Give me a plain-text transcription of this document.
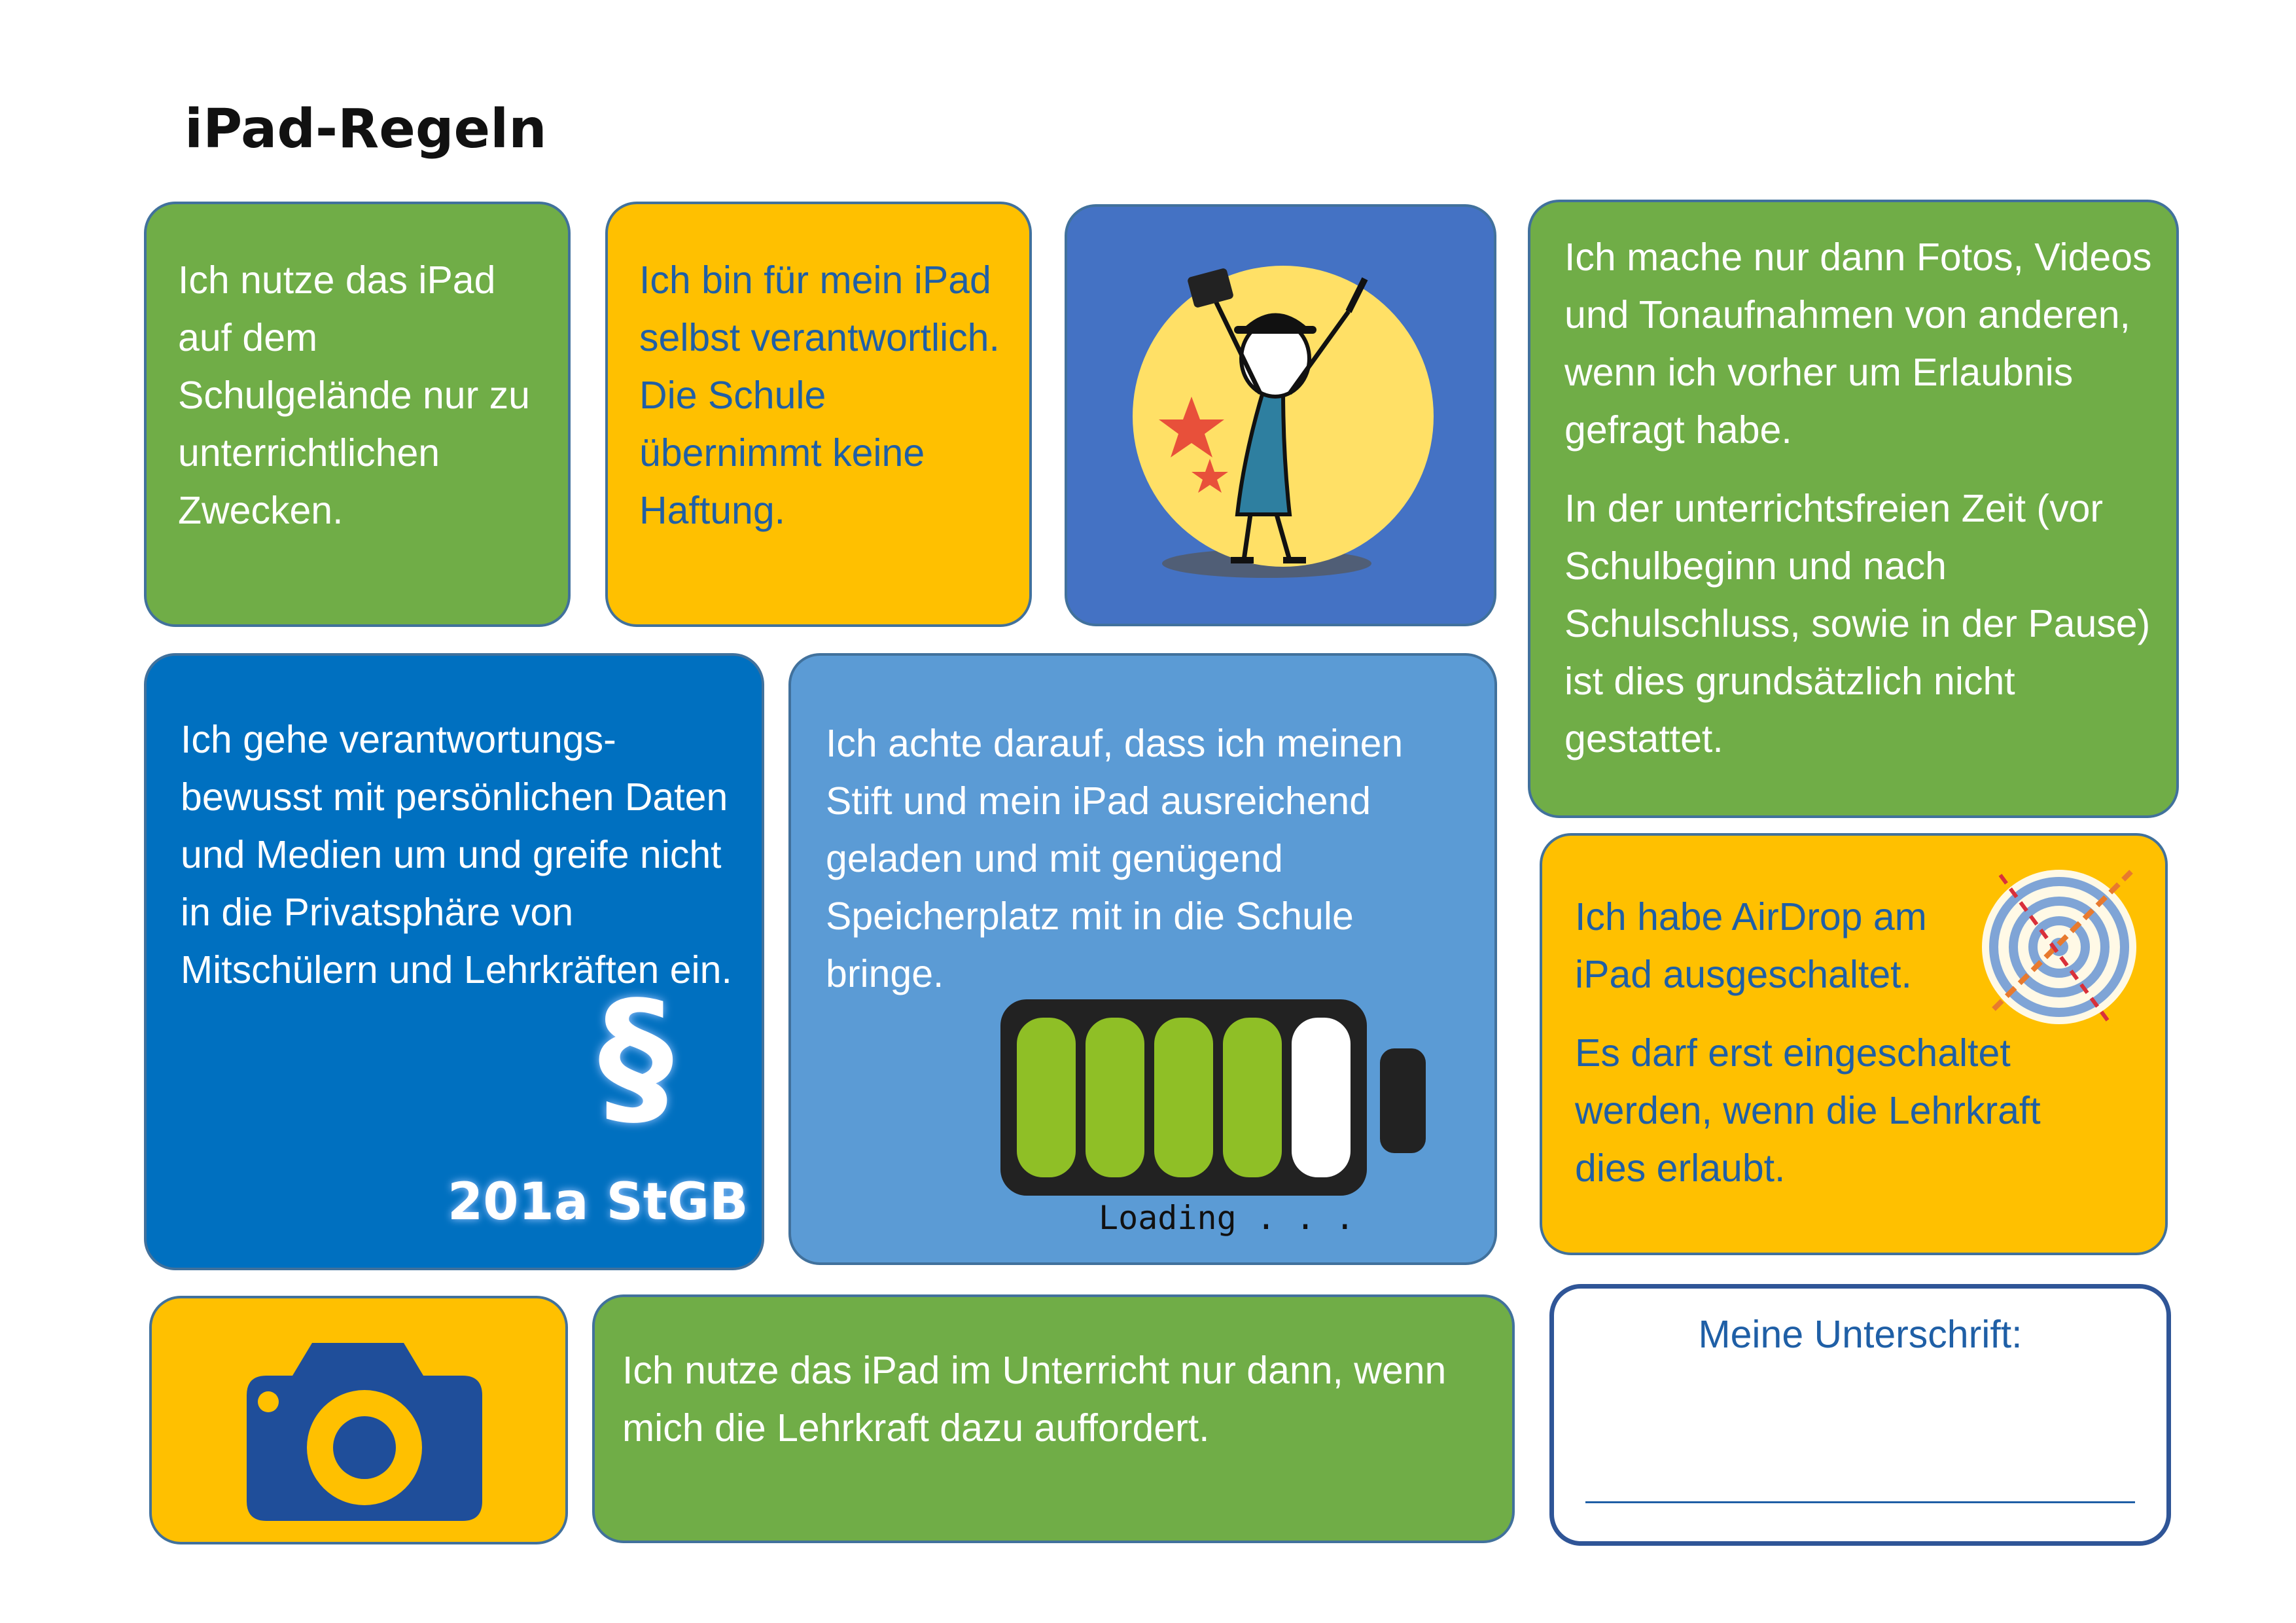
iPad-Regeln
Ich nutze das iPad auf dem Schulgelände nur zu unterrichtlichen Zwecken.
Ich bin für mein iPad selbst verantwortlich. Die Schule übernimmt keine Haftung.

Ich mache nur dann Fotos, Videos und Tonaufnahmen von anderen, wenn ich vorher um Erlaubnis gefragt habe.

In der unterrichtsfreien Zeit (vor Schulbeginn und nach Schulschluss, sowie in der Pause) ist dies grundsätzlich nicht gestattet.

Ich gehe verantwortungs-bewusst mit persönlichen Daten und Medien um und greife nicht in die Privatsphäre von Mitschülern und Lehrkräften ein.
§
201a StGB
Ich achte darauf, dass ich meinen Stift und mein iPad ausreichend geladen und mit genügend Speicherplatz mit in die Schule bringe.
Loading . . .

Ich habe AirDrop am iPad ausgeschaltet.

Es darf erst eingeschaltet werden, wenn die Lehrkraft dies erlaubt.

Ich nutze das iPad im Unterricht nur dann, wenn mich die Lehrkraft dazu auffordert.
Meine Unterschrift:
